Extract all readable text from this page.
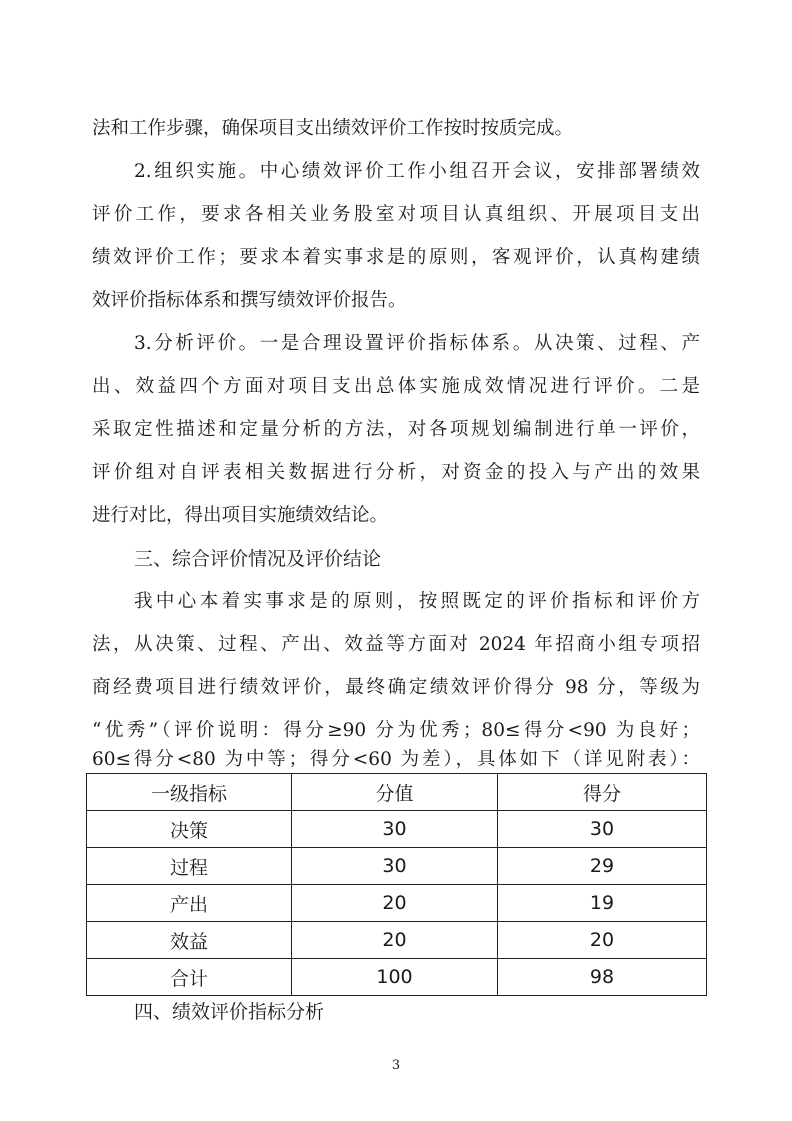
法和工作步骤，确保项目支出绩效评价工作按时按质完成。
2.组织实施。中心绩效评价工作小组召开会议，安排部署绩效
评价工作，要求各相关业务股室对项目认真组织、开展项目支出
绩效评价工作；要求本着实事求是的原则，客观评价，认真构建绩
效评价指标体系和撰写绩效评价报告。
3.分析评价。一是合理设置评价指标体系。从决策、过程、产
出、效益四个方面对项目支出总体实施成效情况进行评价。二是
采取定性描述和定量分析的方法，对各项规划编制进行单一评价，
评价组对自评表相关数据进行分析，对资金的投入与产出的效果
进行对比，得出项目实施绩效结论。
三、综合评价情况及评价结论
我中心本着实事求是的原则，按照既定的评价指标和评价方
法，从决策、过程、产出、效益等方面对 2024 年招商小组专项招
商经费项目进行绩效评价，最终确定绩效评价得分 98 分，等级为
“优秀”（评价说明：得分≥90 分为优秀；80≤得分<90 为良好；
60≤得分<80 为中等；得分<60 为差），具体如下（详见附表）：
一级指标	分值	得分
决策	30	30
过程	30	29
产出	20	19
效益	20	20
合计	100	98
四、绩效评价指标分析
3
